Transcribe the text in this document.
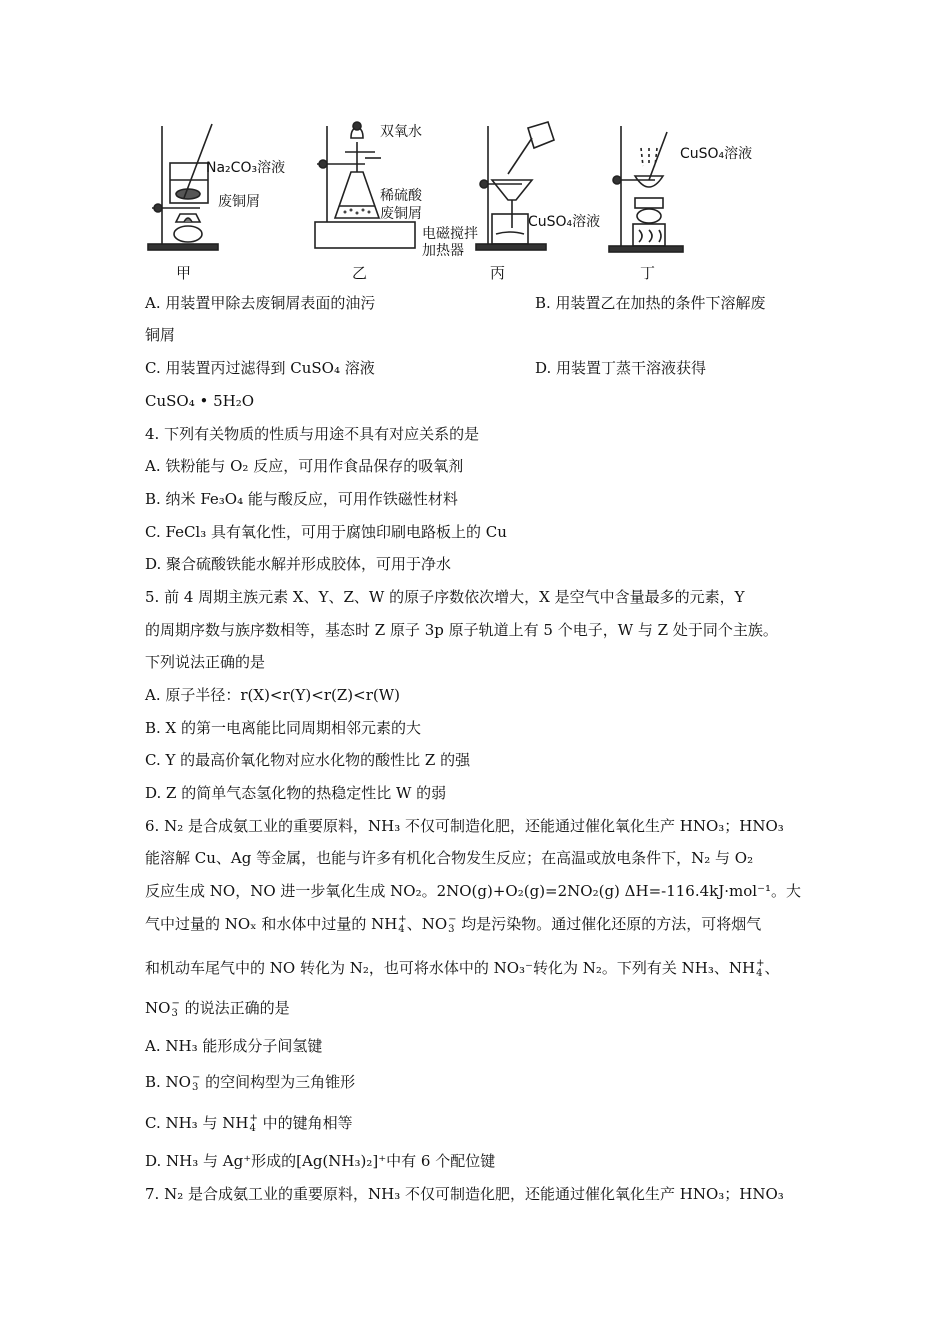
Na₂CO₃溶液
废铜屑
双氧水
稀硫酸
废铜屑
电磁搅拌
加热器
CuSO₄溶液
CuSO₄溶液
甲	乙	丙	丁
A. 用装置甲除去废铜屑表面的油污	B. 用装置乙在加热的条件下溶解废
铜屑
C. 用装置丙过滤得到 CuSO₄ 溶液	D. 用装置丁蒸干溶液获得
CuSO₄ • 5H₂O
4. 下列有关物质的性质与用途不具有对应关系的是
A. 铁粉能与 O₂ 反应，可用作食品保存的吸氧剂
B. 纳米 Fe₃O₄ 能与酸反应，可用作铁磁性材料
C. FeCl₃ 具有氧化性，可用于腐蚀印刷电路板上的 Cu
D. 聚合硫酸铁能水解并形成胶体，可用于净水
5. 前 4 周期主族元素 X、Y、Z、W 的原子序数依次增大，X 是空气中含量最多的元素，Y
的周期序数与族序数相等，基态时 Z 原子 3p 原子轨道上有 5 个电子，W 与 Z 处于同个主族。
下列说法正确的是
A. 原子半径：r(X)<r(Y)<r(Z)<r(W)
B. X 的第一电离能比同周期相邻元素的大
C. Y 的最高价氧化物对应水化物的酸性比 Z 的强
D. Z 的简单气态氢化物的热稳定性比 W 的弱
6. N₂ 是合成氨工业的重要原料，NH₃ 不仅可制造化肥，还能通过催化氧化生产 HNO₃；HNO₃
能溶解 Cu、Ag 等金属，也能与许多有机化合物发生反应；在高温或放电条件下，N₂ 与 O₂
反应生成 NO，NO 进一步氧化生成 NO₂。2NO(g)+O₂(g)=2NO₂(g) ΔH=-116.4kJ·mol⁻¹。大
气中过量的 NOₓ 和水体中过量的 NH +
4 、NO −
3 均是污染物。通过催化还原的方法，可将烟气
和机动车尾气中的 NO 转化为 N₂，也可将水体中的 NO₃⁻转化为 N₂。下列有关 NH₃、NH +
4 、
NO −
3 的说法正确的是
A. NH₃ 能形成分子间氢键
B. NO −
3 的空间构型为三角锥形
C. NH₃ 与 NH +
4 中的键角相等
D. NH₃ 与 Ag⁺形成的[Ag(NH₃)₂]⁺中有 6 个配位键
7. N₂ 是合成氨工业的重要原料，NH₃ 不仅可制造化肥，还能通过催化氧化生产 HNO₃；HNO₃
